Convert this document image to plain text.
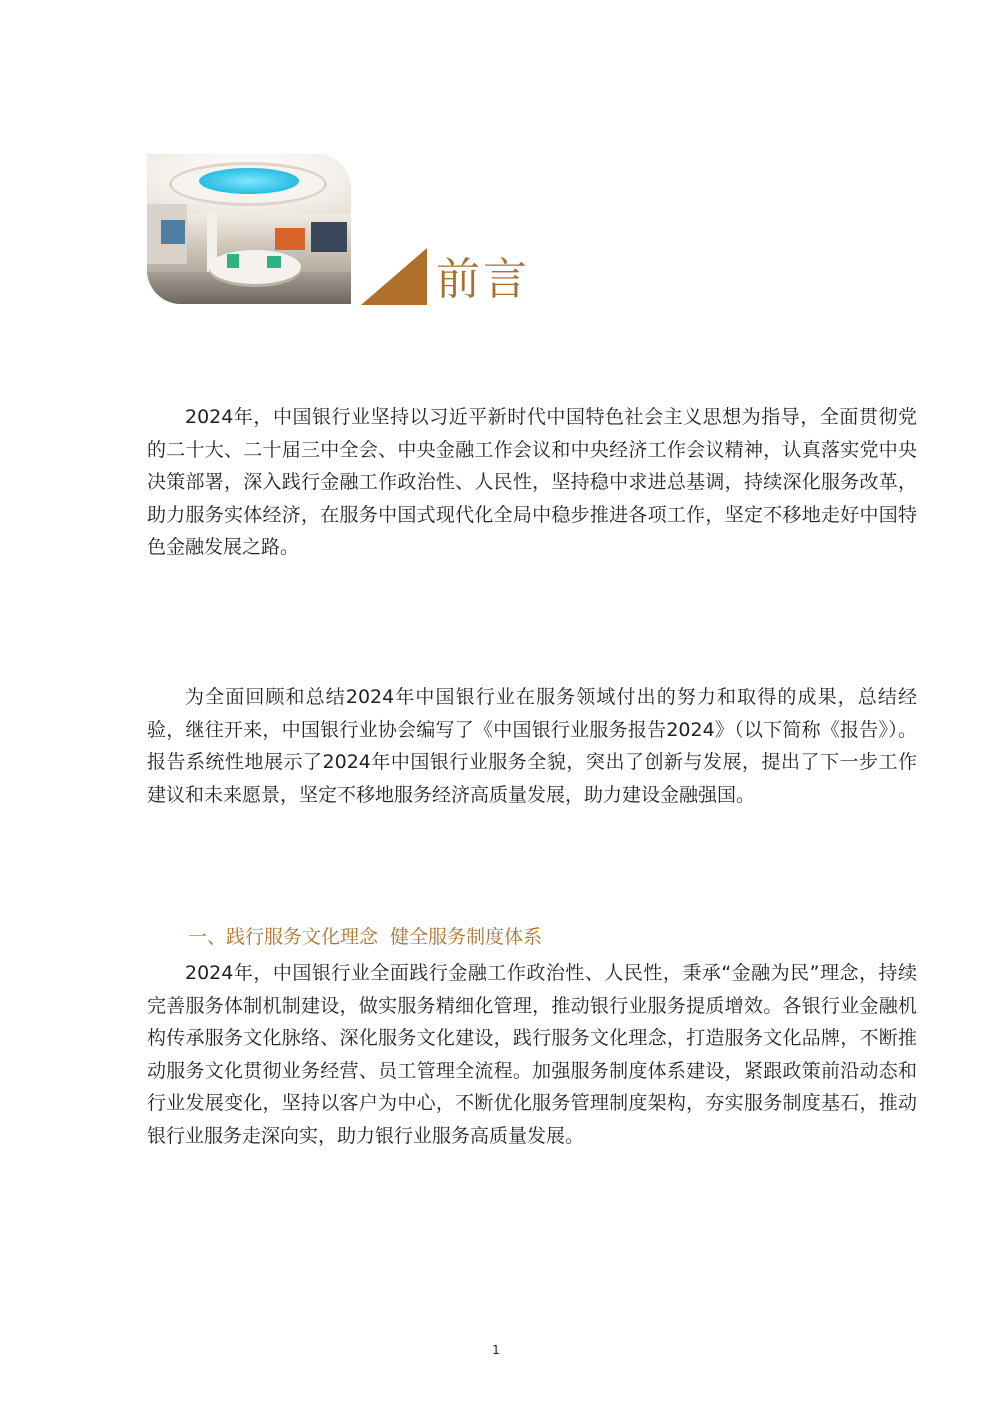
前言

2024年，中国银行业坚持以习近平新时代中国特色社会主义思想为指导，全面贯彻党的二十大、二十届三中全会、中央金融工作会议和中央经济工作会议精神，认真落实党中央决策部署，深入践行金融工作政治性、人民性，坚持稳中求进总基调，持续深化服务改革，助力服务实体经济，在服务中国式现代化全局中稳步推进各项工作，坚定不移地走好中国特色金融发展之路。

为全面回顾和总结2024年中国银行业在服务领域付出的努力和取得的成果，总结经验，继往开来，中国银行业协会编写了《中国银行业服务报告2024》（以下简称《报告》）。报告系统性地展示了2024年中国银行业服务全貌，突出了创新与发展，提出了下一步工作建议和未来愿景，坚定不移地服务经济高质量发展，助力建设金融强国。

一、践行服务文化理念  健全服务制度体系

2024年，中国银行业全面践行金融工作政治性、人民性，秉承“金融为民”理念，持续完善服务体制机制建设，做实服务精细化管理，推动银行业服务提质增效。各银行业金融机构传承服务文化脉络、深化服务文化建设，践行服务文化理念，打造服务文化品牌，不断推动服务文化贯彻业务经营、员工管理全流程。加强服务制度体系建设，紧跟政策前沿动态和行业发展变化，坚持以客户为中心，不断优化服务管理制度架构，夯实服务制度基石，推动银行业服务走深向实，助力银行业服务高质量发展。

1
